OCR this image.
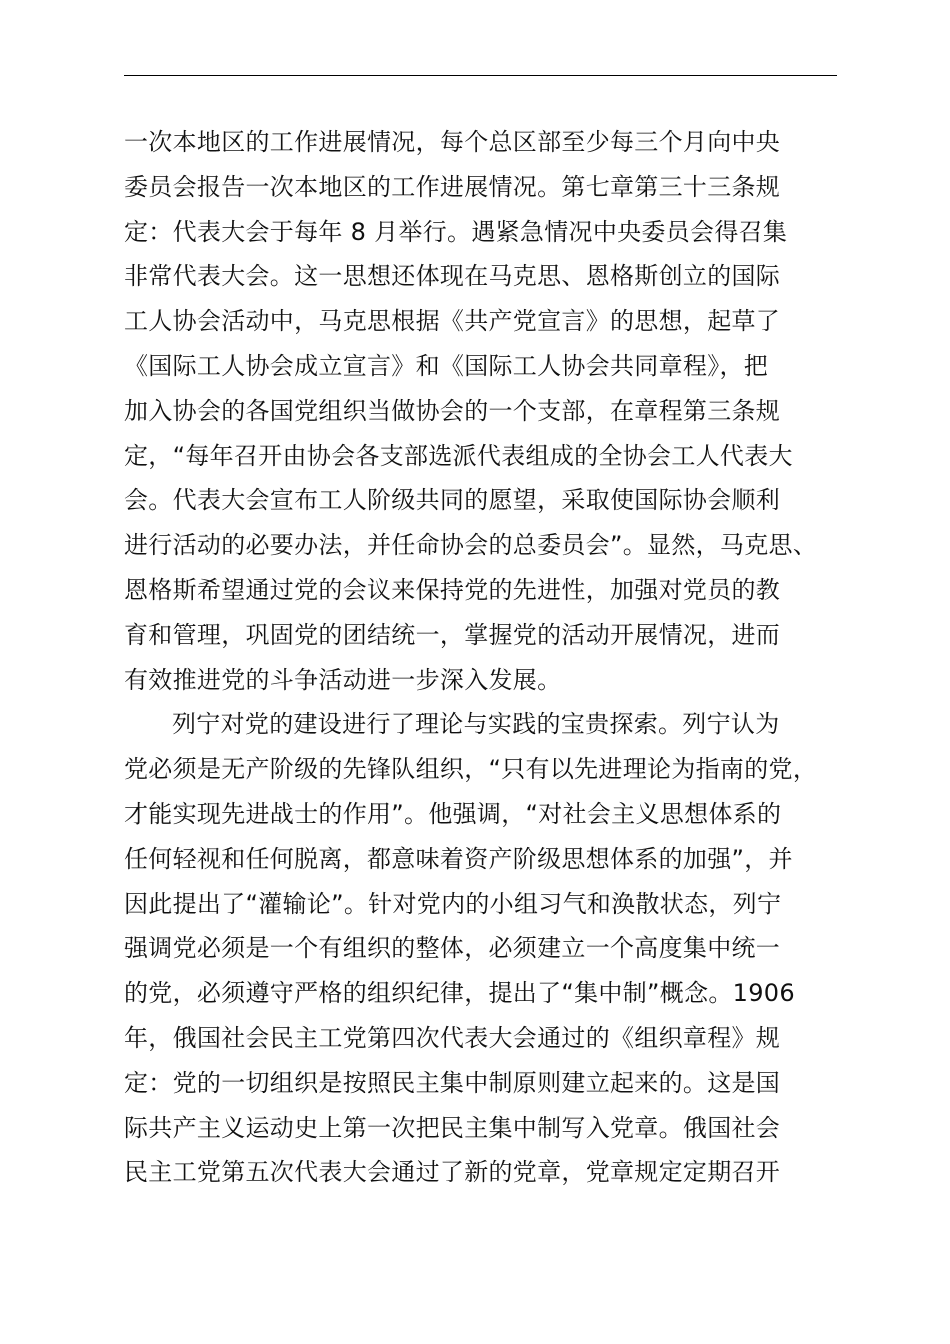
一次本地区的工作进展情况，每个总区部至少每三个月向中央
委员会报告一次本地区的工作进展情况。第七章第三十三条规
定：代表大会于每年 8 月举行。遇紧急情况中央委员会得召集
非常代表大会。这一思想还体现在马克思、恩格斯创立的国际
工人协会活动中，马克思根据《共产党宣言》的思想，起草了
《国际工人协会成立宣言》和《国际工人协会共同章程》，把
加入协会的各国党组织当做协会的一个支部，在章程第三条规
定，“每年召开由协会各支部选派代表组成的全协会工人代表大
会。代表大会宣布工人阶级共同的愿望，采取使国际协会顺利
进行活动的必要办法，并任命协会的总委员会”。显然，马克思、
恩格斯希望通过党的会议来保持党的先进性，加强对党员的教
育和管理，巩固党的团结统一，掌握党的活动开展情况，进而
有效推进党的斗争活动进一步深入发展。
列宁对党的建设进行了理论与实践的宝贵探索。列宁认为
党必须是无产阶级的先锋队组织，“只有以先进理论为指南的党，
才能实现先进战士的作用”。他强调，“对社会主义思想体系的
任何轻视和任何脱离，都意味着资产阶级思想体系的加强”，并
因此提出了“灌输论”。针对党内的小组习气和涣散状态，列宁
强调党必须是一个有组织的整体，必须建立一个高度集中统一
的党，必须遵守严格的组织纪律，提出了“集中制”概念。1906
年，俄国社会民主工党第四次代表大会通过的《组织章程》规
定：党的一切组织是按照民主集中制原则建立起来的。这是国
际共产主义运动史上第一次把民主集中制写入党章。俄国社会
民主工党第五次代表大会通过了新的党章，党章规定定期召开
